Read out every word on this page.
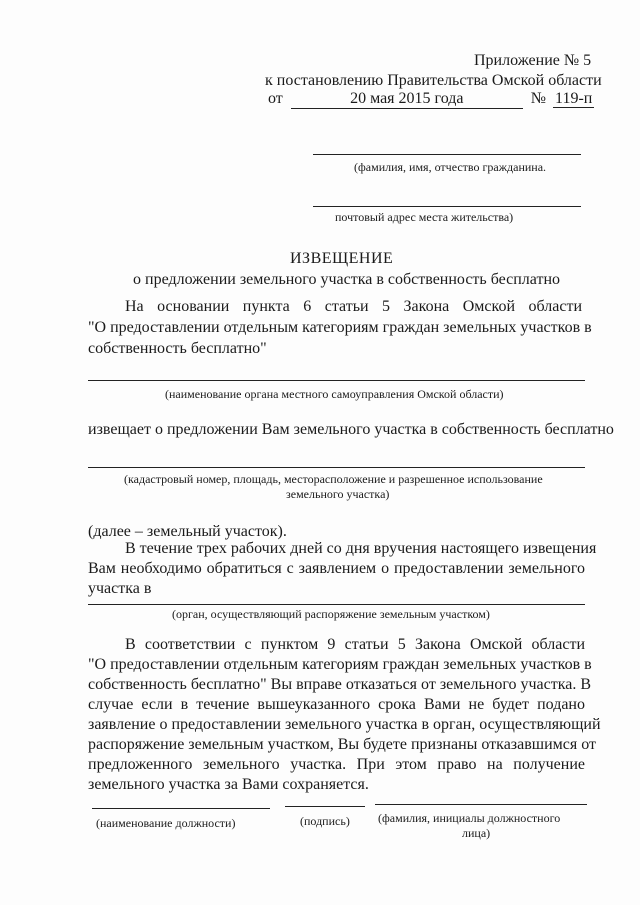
Приложение № 5
к постановлению Правительства Омской области
от	20 мая 2015 года	№ 119-п
(фамилия, имя, отчество гражданина.
почтовый адрес места жительства)
ИЗВЕЩЕНИЕ
о предложении земельного участка в собственность бесплатно
На основании пункта 6 статьи 5 Закона Омской области
"О предоставлении отдельным категориям граждан земельных участков в
собственность бесплатно"
(наименование органа местного самоуправления Омской области)
извещает о предложении Вам земельного участка в собственность бесплатно
(кадастровый номер, площадь, месторасположение и разрешенное использование
земельного участка)
(далее – земельный участок).
В течение трех рабочих дней со дня вручения настоящего извещения
Вам необходимо обратиться с заявлением о предоставлении земельного
участка в
(орган, осуществляющий распоряжение земельным участком)
В соответствии с пунктом 9 статьи 5 Закона Омской области
"О предоставлении отдельным категориям граждан земельных участков в
собственность бесплатно" Вы вправе отказаться от земельного участка. В
случае если в течение вышеуказанного срока Вами не будет подано
заявление о предоставлении земельного участка в орган, осуществляющий
распоряжение земельным участком, Вы будете признаны отказавшимся от
предложенного земельного участка. При этом право на получение
земельного участка за Вами сохраняется.
(наименование должности)	(подпись) (фамилия, инициалы должностного
лица)
